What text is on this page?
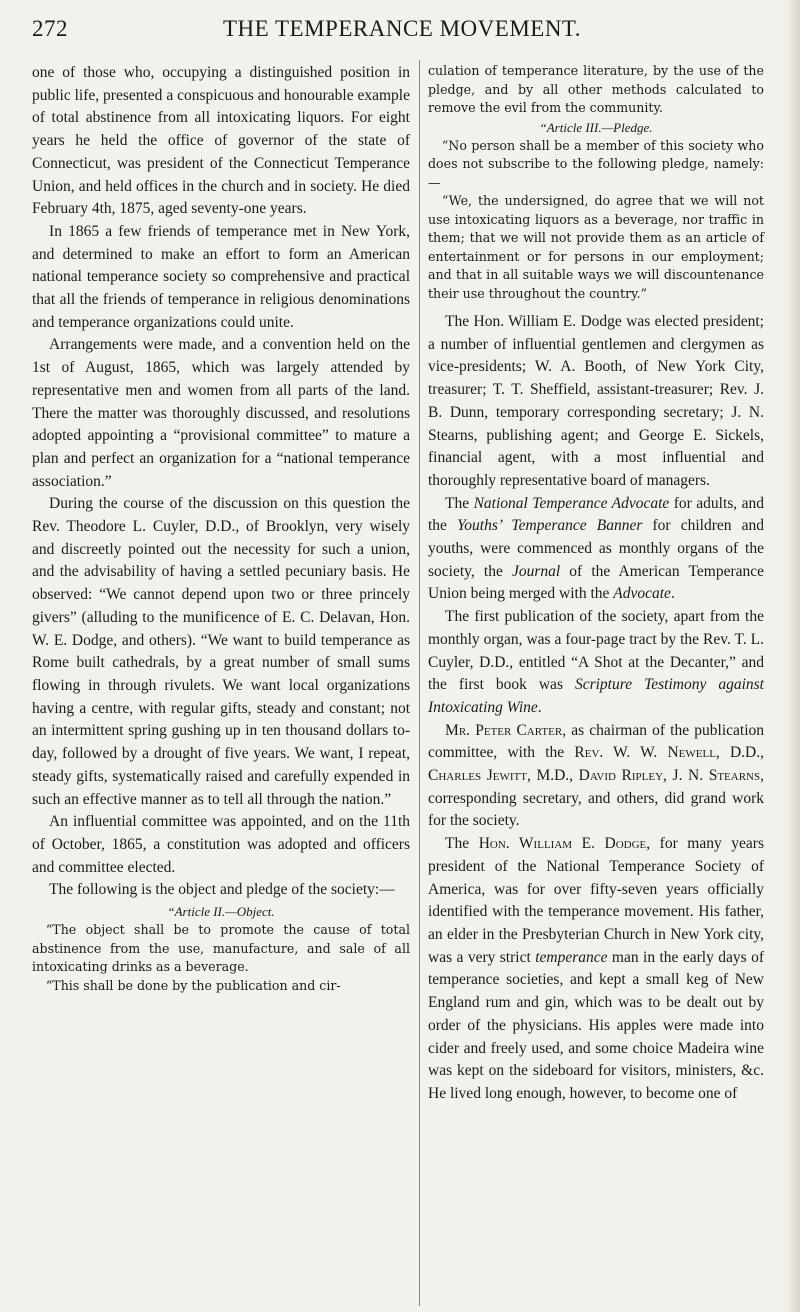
THE TEMPERANCE MOVEMENT.
272

one of those who, occupying a distinguished position in public life, presented a conspicuous and honourable example of total abstinence from all intoxicating liquors. For eight years he held the office of governor of the state of Connecticut, was president of the Connecticut Temperance Union, and held offices in the church and in society. He died February 4th, 1875, aged seventy-one years.

In 1865 a few friends of temperance met in New York, and determined to make an effort to form an American national temperance society so comprehensive and practical that all the friends of temperance in religious denominations and temperance organizations could unite.

Arrangements were made, and a convention held on the 1st of August, 1865, which was largely attended by representative men and women from all parts of the land. There the matter was thoroughly discussed, and resolutions adopted appointing a “provisional committee” to mature a plan and perfect an organization for a “national temperance association.”

During the course of the discussion on this question the Rev. Theodore L. Cuyler, D.D., of Brooklyn, very wisely and discreetly pointed out the necessity for such a union, and the advisability of having a settled pecuniary basis. He observed: “We cannot depend upon two or three princely givers” (alluding to the munificence of E. C. Delavan, Hon. W. E. Dodge, and others). “We want to build temperance as Rome built cathedrals, by a great number of small sums flowing in through rivulets. We want local organizations having a centre, with regular gifts, steady and constant; not an intermittent spring gushing up in ten thousand dollars to-day, followed by a drought of five years. We want, I repeat, steady gifts, systematically raised and carefully expended in such an effective manner as to tell all through the nation.”

An influential committee was appointed, and on the 11th of October, 1865, a constitution was adopted and officers and committee elected.

The following is the object and pledge of the society:—

“Article II.—Object.

“The object shall be to promote the cause of total abstinence from the use, manufacture, and sale of all intoxicating drinks as a beverage.

“This shall be done by the publication and cir-

culation of temperance literature, by the use of the pledge, and by all other methods calculated to remove the evil from the community.

“Article III.—Pledge.

“No person shall be a member of this society who does not subscribe to the following pledge, namely:—

“We, the undersigned, do agree that we will not use intoxicating liquors as a beverage, nor traffic in them; that we will not provide them as an article of entertainment or for persons in our employment; and that in all suitable ways we will discountenance their use throughout the country.”

The Hon. William E. Dodge was elected president; a number of influential gentlemen and clergymen as vice-presidents; W. A. Booth, of New York City, treasurer; T. T. Sheffield, assistant-treasurer; Rev. J. B. Dunn, temporary corresponding secretary; J. N. Stearns, publishing agent; and George E. Sickels, financial agent, with a most influential and thoroughly representative board of managers.

The National Temperance Advocate for adults, and the Youths’ Temperance Banner for children and youths, were commenced as monthly organs of the society, the Journal of the American Temperance Union being merged with the Advocate.

The first publication of the society, apart from the monthly organ, was a four-page tract by the Rev. T. L. Cuyler, D.D., entitled “A Shot at the Decanter,” and the first book was Scripture Testimony against Intoxicating Wine.

Mr. Peter Carter, as chairman of the publication committee, with the Rev. W. W. Newell, D.D., Charles Jewitt, M.D., David Ripley, J. N. Stearns, corresponding secretary, and others, did grand work for the society.

The Hon. William E. Dodge, for many years president of the National Temperance Society of America, was for over fifty-seven years officially identified with the temperance movement. His father, an elder in the Presbyterian Church in New York city, was a very strict temperance man in the early days of temperance societies, and kept a small keg of New England rum and gin, which was to be dealt out by order of the physicians. His apples were made into cider and freely used, and some choice Madeira wine was kept on the sideboard for visitors, ministers, &c. He lived long enough, however, to become one of
